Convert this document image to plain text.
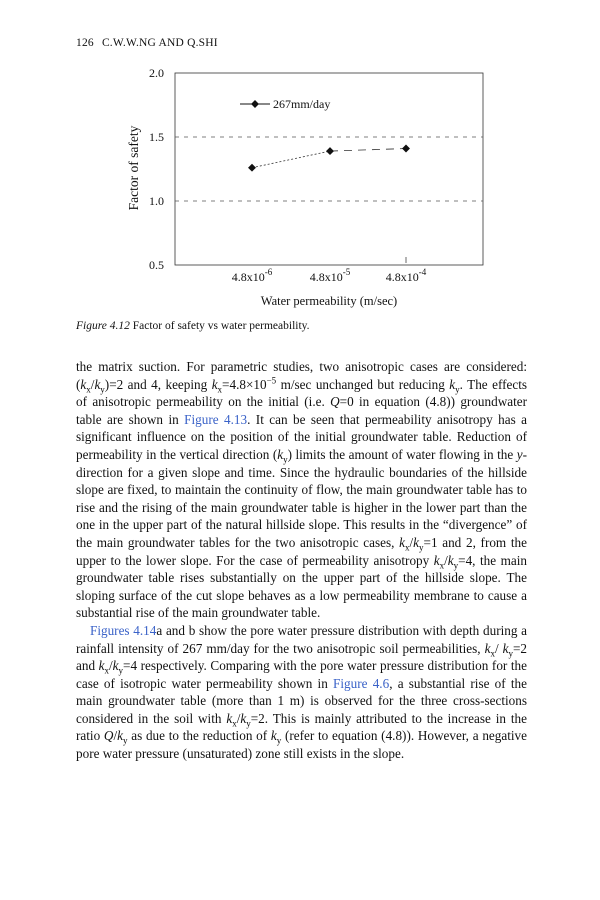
126 C.W.W.NG AND Q.SHI
2.0
1.5
1.0
0.5
$4.8x10^{-6}$	$4.8x10^{-5}$	$4.8x10^{-4}$
Water permeability (m/sec)
Factor of safety
267mm/day
Figure 4.12 Factor of safety vs water permeability.

the matrix suction. For parametric studies, two anisotropic cases are considered: $(k_x/k_y)=2$ and 4, keeping $k_x=4.8\times 10^{-5}$ m/sec unchanged but reducing $k_y$. The effects of anisotropic permeability on the initial (i.e. Q=0 in equation (4.8)) groundwater table are shown in Figure 4.13. It can be seen that permeability anisotropy has a significant influence on the position of the initial groundwater table. Reduction of permeability in the vertical direction $(k_y)$ limits the amount of water flowing in the y-direction for a given slope and time. Since the hydraulic boundaries of the hillside slope are fixed, to maintain the continuity of flow, the main groundwater table has to rise and the rising of the main groundwater table is higher in the lower part than the one in the upper part of the natural hillside slope. This results in the “divergence” of the main groundwater tables for the two anisotropic cases, $k_x/k_y=1$ and 2, from the upper to the lower slope. For the case of permeability anisotropy $k_x/k_y=4$, the main groundwater table rises substantially on the upper part of the hillside slope. The sloping surface of the cut slope behaves as a low permeability membrane to cause a substantial rise of the main groundwater table.

Figures 4.14a and b show the pore water pressure distribution with depth during a rainfall intensity of 267 mm/day for the two anisotropic soil permeabilities, $k_x/$ $k_y=2$ and $k_x/k_y=4$ respectively. Comparing with the pore water pressure distribution for the case of isotropic water permeability shown in Figure 4.6, a substantial rise of the main groundwater table (more than 1 m) is observed for the three cross-sections considered in the soil with $k_x/k_y=2$. This is mainly attributed to the increase in the ratio $Q/k_y$ as due to the reduction of $k_y$ (refer to equation (4.8)). However, a negative pore water pressure (unsaturated) zone still exists in the slope.
